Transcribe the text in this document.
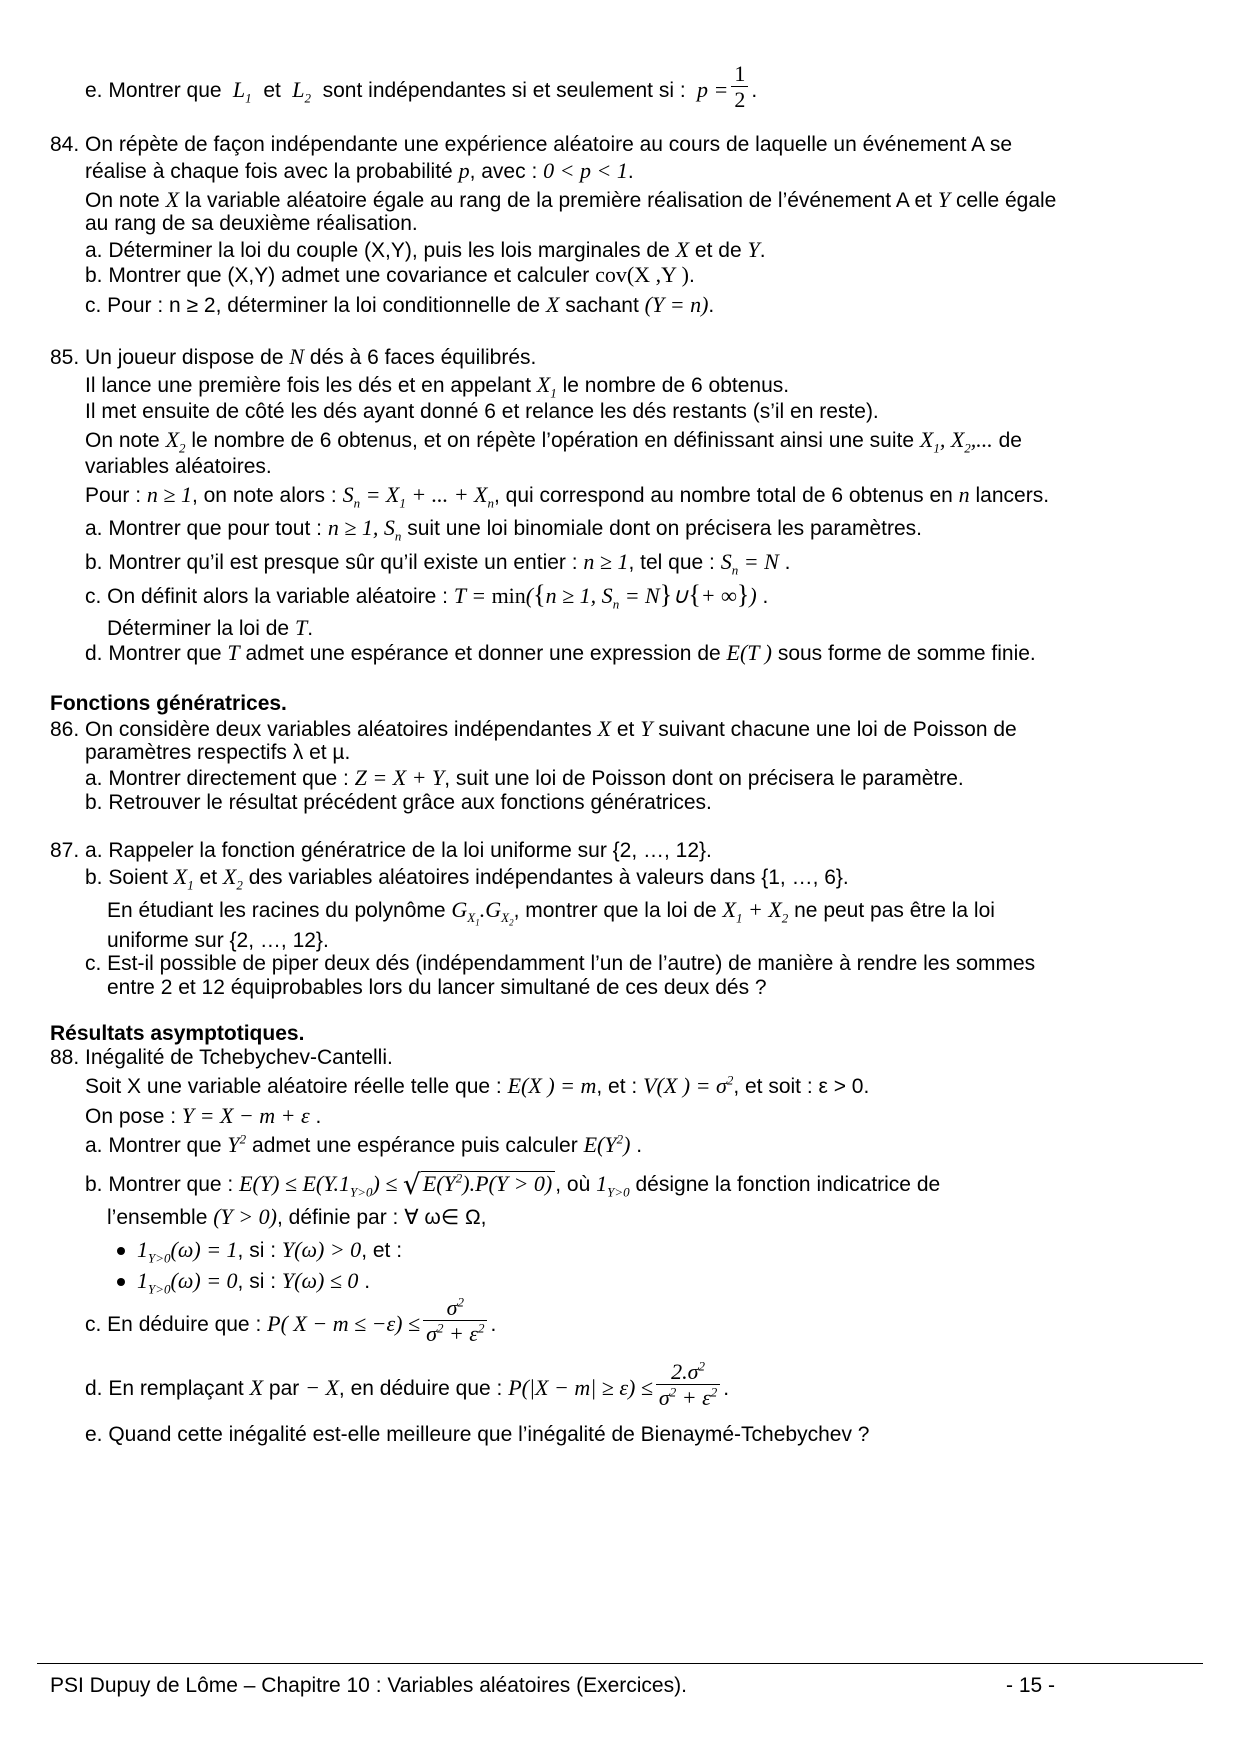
e. Montrer que $L_1$ et $L_2$ sont indépendantes si et seulement si : $p = \frac{1}{2}$ .
84. On répète de façon indépendante une expérience aléatoire au cours de laquelle un événement A se
réalise à chaque fois avec la probabilité p, avec : 0 < p < 1.
On note X la variable aléatoire égale au rang de la première réalisation de l’événement A et Y celle égale
au rang de sa deuxième réalisation.
a. Déterminer la loi du couple (X,Y), puis les lois marginales de X et de Y.
b. Montrer que (X,Y) admet une covariance et calculer cov(X ,Y ).
c. Pour : n ≥ 2, déterminer la loi conditionnelle de X sachant (Y = n).
85. Un joueur dispose de N dés à 6 faces équilibrés.
Il lance une première fois les dés et en appelant $X_1$ le nombre de 6 obtenus.
Il met ensuite de côté les dés ayant donné 6 et relance les dés restants (s’il en reste).
On note $X_2$ le nombre de 6 obtenus, et on répète l’opération en définissant ainsi une suite $X_1$, $X_2$,... de
variables aléatoires.
Pour : n ≥ 1, on note alors : $S_n = X_1$ + ... + $X_n$, qui correspond au nombre total de 6 obtenus en n lancers.
a. Montrer que pour tout : n ≥ 1, $S_n$ suit une loi binomiale dont on précisera les paramètres.
b. Montrer qu’il est presque sûr qu’il existe un entier : n ≥ 1, tel que : $S_n = N$ .
c. On définit alors la variable aléatoire : T = min({n ≥ 1, $S_n$ = N}∪{+ ∞}) .
Déterminer la loi de T.
d. Montrer que T admet une espérance et donner une expression de E(T ) sous forme de somme finie.
Fonctions génératrices.
86. On considère deux variables aléatoires indépendantes X et Y suivant chacune une loi de Poisson de
paramètres respectifs λ et µ.
a. Montrer directement que : Z = X + Y, suit une loi de Poisson dont on précisera le paramètre.
b. Retrouver le résultat précédent grâce aux fonctions génératrices.
87. a. Rappeler la fonction génératrice de la loi uniforme sur {2, …, 12}.
b. Soient $X_1$ et $X_2$ des variables aléatoires indépendantes à valeurs dans {1, …, 6}.
En étudiant les racines du polynôme $G_{X_1}.G_{X_2}$, montrer que la loi de $X_1 + X_2$ ne peut pas être la loi
uniforme sur {2, …, 12}.
c. Est-il possible de piper deux dés (indépendamment l’un de l’autre) de manière à rendre les sommes
entre 2 et 12 équiprobables lors du lancer simultané de ces deux dés ?
Résultats asymptotiques.
88. Inégalité de Tchebychev-Cantelli.
Soit X une variable aléatoire réelle telle que : E(X ) = m, et : V(X ) = $\sigma^2$, et soit : ε > 0.
On pose : Y = X − m + ε .
a. Montrer que $Y^2$ admet une espérance puis calculer $E(Y^2)$ .
b. Montrer que : $E(Y) \le E(Y.1_{Y>0}) \le √E(Y^2).P(Y > 0)$ , où $1_{Y>0}$ désigne la fonction indicatrice de
l’ensemble (Y > 0), définie par : ∀ ω∈ Ω,
$1_{Y>0}(\omega) = 1$, si : Y(ω) > 0, et :
$1_{Y>0}(\omega) = 0$, si : Y(ω) ≤ 0 .
c. En déduire que : P( $X - m \le -\varepsilon) \le \frac{\sigma^2}{\sigma^2 + \varepsilon^2}$ .
d. En remplaçant X par − X, en déduire que : $P(|X - m| \ge \varepsilon) \le \frac{2.\sigma^2}{\sigma^2 + \varepsilon^2}$ .
e. Quand cette inégalité est-elle meilleure que l’inégalité de Bienaymé-Tchebychev ?
PSI Dupuy de Lôme – Chapitre 10 : Variables aléatoires (Exercices).	- 15 -
